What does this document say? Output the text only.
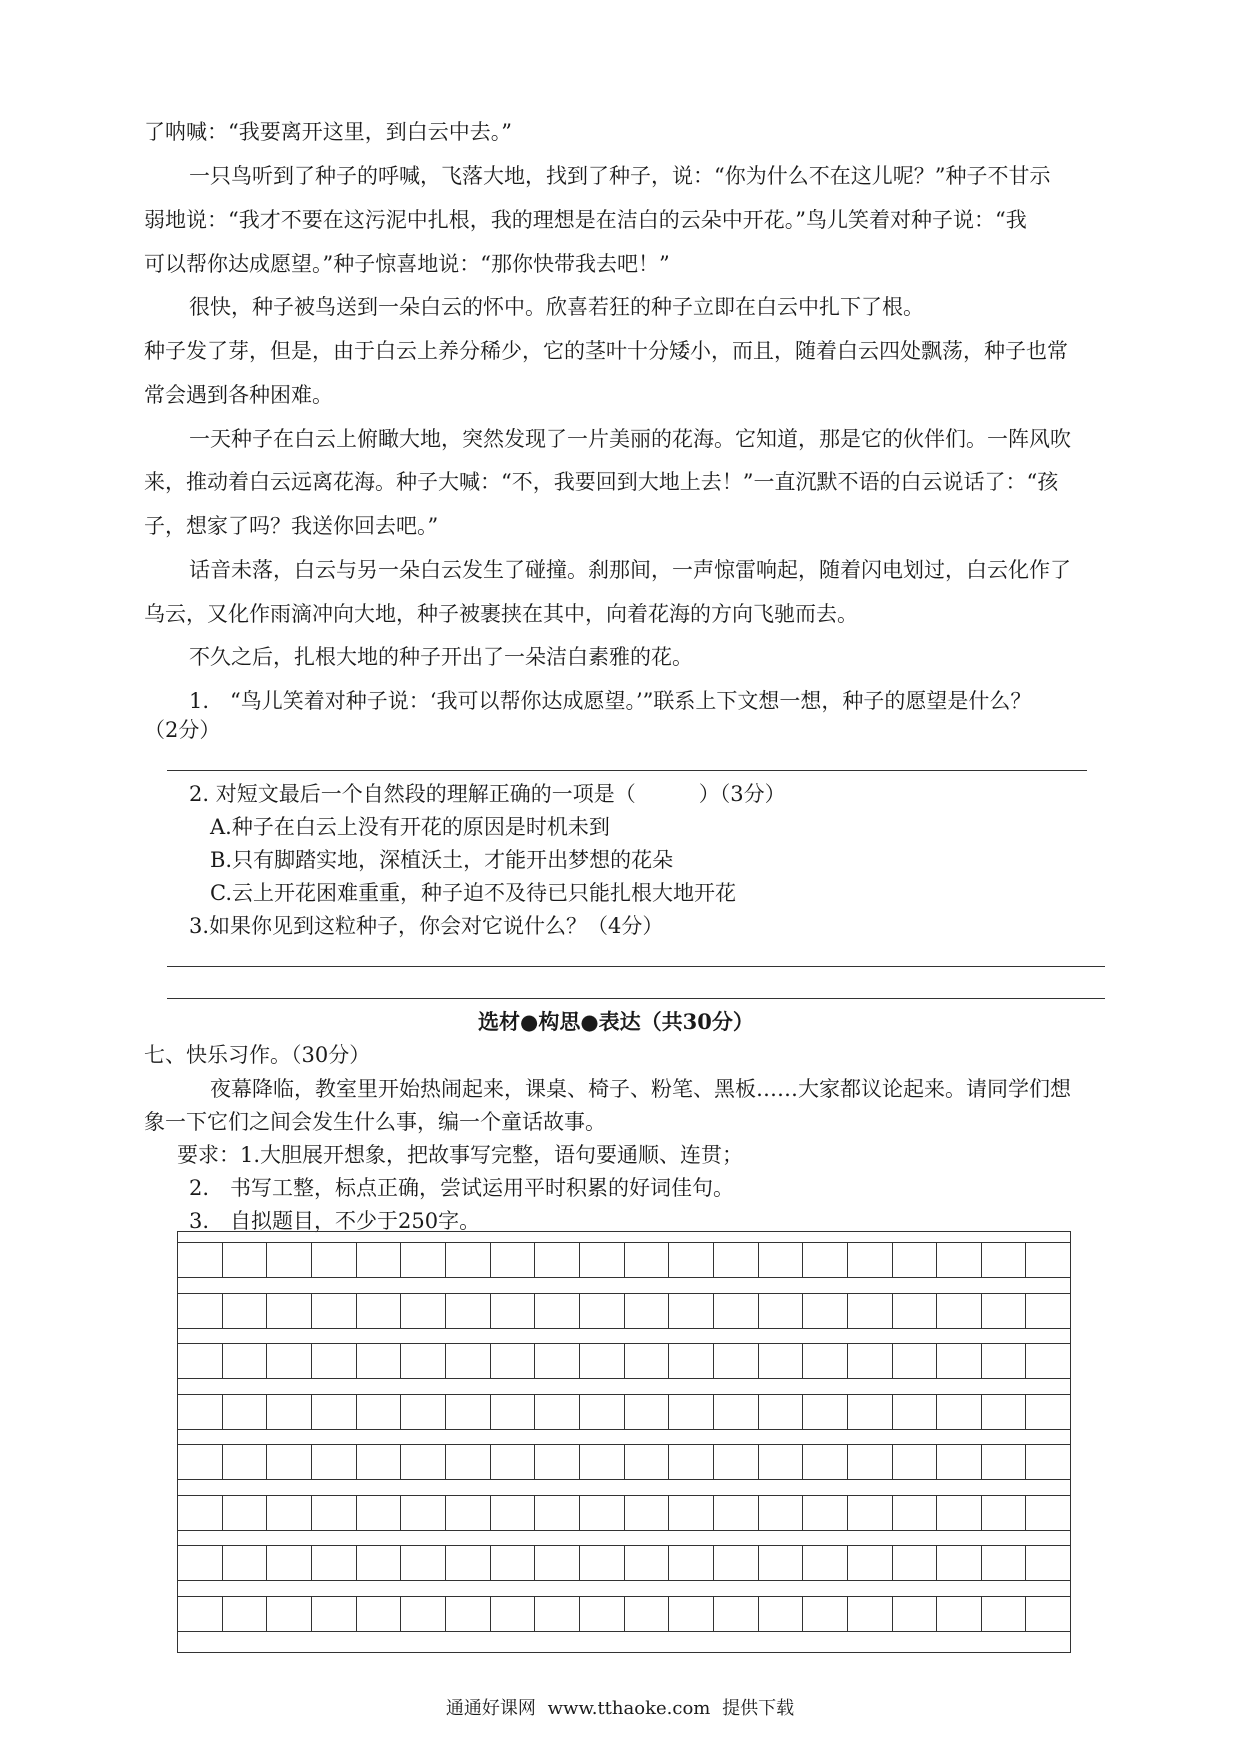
了呐喊：“我要离开这里，到白云中去。”
一只鸟听到了种子的呼喊，飞落大地，找到了种子，说：“你为什么不在这儿呢？”种子不甘示
弱地说：“我才不要在这污泥中扎根，我的理想是在洁白的云朵中开花。”鸟儿笑着对种子说：“我
可以帮你达成愿望。”种子惊喜地说：“那你快带我去吧！”
很快，种子被鸟送到一朵白云的怀中。欣喜若狂的种子立即在白云中扎下了根。
种子发了芽，但是，由于白云上养分稀少，它的茎叶十分矮小，而且，随着白云四处飘荡，种子也常
常会遇到各种困难。
一天种子在白云上俯瞰大地，突然发现了一片美丽的花海。它知道，那是它的伙伴们。一阵风吹
来，推动着白云远离花海。种子大喊：“不，我要回到大地上去！”一直沉默不语的白云说话了：“孩
子，想家了吗？我送你回去吧。”
话音未落，白云与另一朵白云发生了碰撞。刹那间，一声惊雷响起，随着闪电划过，白云化作了
乌云，又化作雨滴冲向大地，种子被裹挟在其中，向着花海的方向飞驰而去。
不久之后，扎根大地的种子开出了一朵洁白素雅的花。
1.　“鸟儿笑着对种子说：‘我可以帮你达成愿望。’”联系上下文想一想，种子的愿望是什么？
（2分）
2. 对短文最后一个自然段的理解正确的一项是（　　　）（3分）
A.种子在白云上没有开花的原因是时机未到
B.只有脚踏实地，深植沃土，才能开出梦想的花朵
C.云上开花困难重重，种子迫不及待已只能扎根大地开花
3.如果你见到这粒种子，你会对它说什么？（4分）
选材●构思●表达（共30分）
七、快乐习作。（30分）
夜幕降临，教室里开始热闹起来，课桌、椅子、粉笔、黑板……大家都议论起来。请同学们想
象一下它们之间会发生什么事，编一个童话故事。
要求：1.大胆展开想象，把故事写完整，语句要通顺、连贯；
2.　书写工整，标点正确，尝试运用平时积累的好词佳句。
3.　自拟题目，不少于250字。
通通好课网 www.tthaoke.com 提供下载
